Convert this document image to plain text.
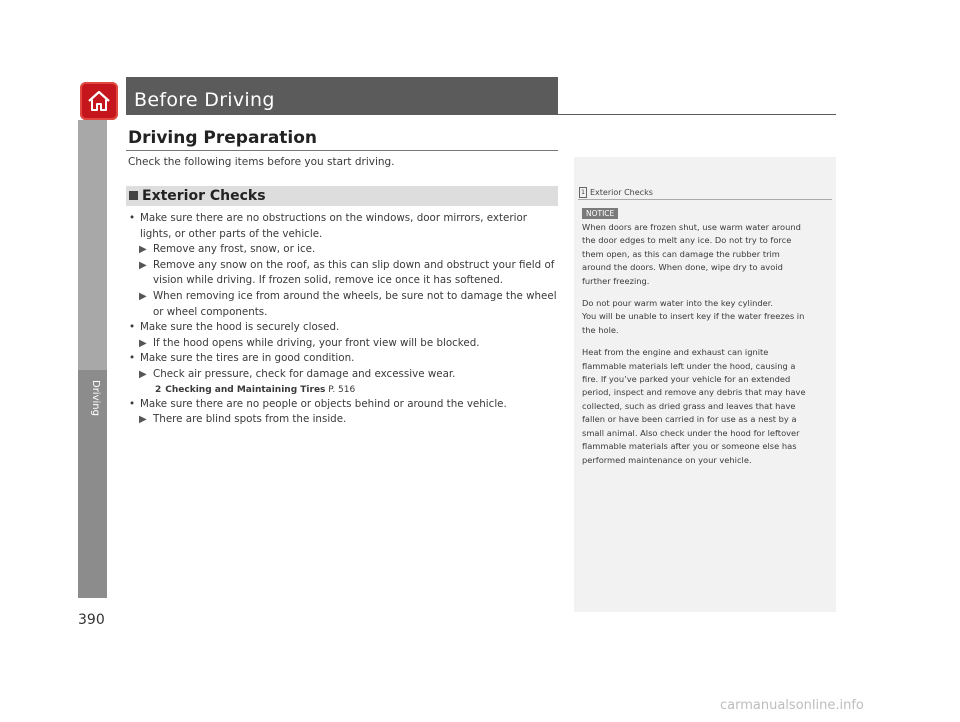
Driving
Before Driving
Driving Preparation
Check the following items before you start driving.
Exterior Checks
• Make sure there are no obstructions on the windows, door mirrors, exterior
lights, or other parts of the vehicle.
▶ Remove any frost, snow, or ice.
▶ Remove any snow on the roof, as this can slip down and obstruct your field of
vision while driving. If frozen solid, remove ice once it has softened.
▶ When removing ice from around the wheels, be sure not to damage the wheel
or wheel components.
• Make sure the hood is securely closed.
▶ If the hood opens while driving, your front view will be blocked.
• Make sure the tires are in good condition.
▶ Check air pressure, check for damage and excessive wear.
2 Checking and Maintaining Tires P. 516
• Make sure there are no people or objects behind or around the vehicle.
▶ There are blind spots from the inside.
1 Exterior Checks
NOTICE

When doors are frozen shut, use warm water around
the door edges to melt any ice. Do not try to force
them open, as this can damage the rubber trim
around the doors. When done, wipe dry to avoid
further freezing.

Do not pour warm water into the key cylinder.
You will be unable to insert key if the water freezes in
the hole.

Heat from the engine and exhaust can ignite
flammable materials left under the hood, causing a
fire. If you’ve parked your vehicle for an extended
period, inspect and remove any debris that may have
collected, such as dried grass and leaves that have
fallen or have been carried in for use as a nest by a
small animal. Also check under the hood for leftover
flammable materials after you or someone else has
performed maintenance on your vehicle.

390
carmanualsonline.info
